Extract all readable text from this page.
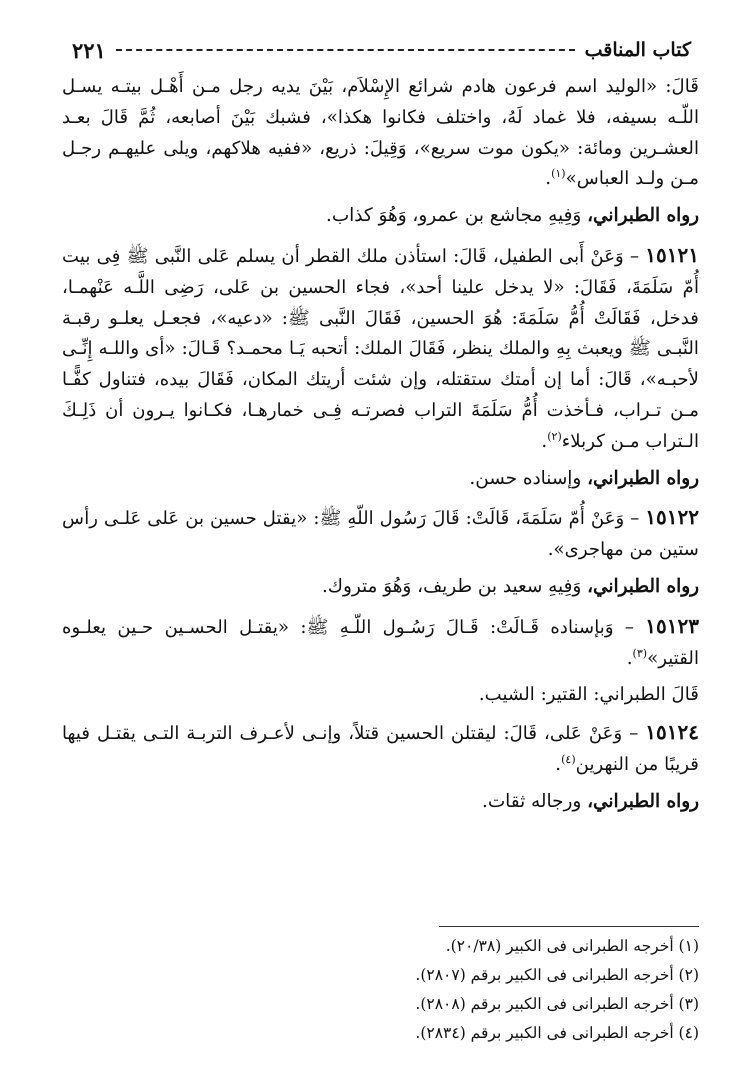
كتاب المناقب
٢٢١

قَالَ: «الوليد اسم فرعون هادم شرائع الإِسْلاَم، بَيْنَ يديه رجل مـن أَهْـل بيتـه يسـل اللّـه بسيفه، فلا غماد لَهُ، واختلف فكانوا هكذا»، فشبك بَيْنَ أصابعه، ثُمَّ قَالَ بعـد العشـرين ومائة: «يكون موت سريع»، وَقِيلَ: ذريع، «ففيه هلاكهم، ويلى عليهـم رجـل مـن ولـد العباس»$^{(١)}$.

رواه الطبراني، وَفِيهِ مجاشع بن عمرو، وَهُوَ كذاب.

١٥١٢١ – وَعَنْ أَبى الطفيل، قَالَ: استأذن ملك القطر أن يسلم عَلى النَّبى ﷺ فِى بيت أُمّ سَلَمَةَ، فَقَالَ: «لا يدخل علينا أحد»، فجاء الحسين بن عَلى، رَضِى اللَّـه عَنْهمـا، فدخل، فَقَالَتْ أُمُّ سَلَمَةَ: هُوَ الحسين، فَقَالَ النَّبى ﷺ: «دعيه»، فجعـل يعلـو رقبـة النَّبـى ﷺ ويعبث بِهِ والملك ينظر، فَقَالَ الملك: أتحبه يَـا محمـد؟ قَـالَ: «أى واللـه إِنِّـى لأحبـه»، قَالَ: أما إن أمتك ستقتله، وإن شئت أريتك المكان، فَقَالَ بيده، فتناول كفًّـا مـن تـراب، فـأخذت أُمُّ سَلَمَةَ التراب فصرتـه فِـى خمارهـا، فكـانوا يـرون أن ذَلِـكَ الـتراب مـن كربلاء$^{(٢)}$.

رواه الطبراني، وإسناده حسن.

١٥١٢٢ – وَعَنْ أُمّ سَلَمَةَ، قَالَتْ: قَالَ رَسُول اللّهِ ﷺ: «يقتل حسين بن عَلى عَلـى رأس ستين من مهاجرى».

رواه الطبراني، وَفِيهِ سعيد بن طريف، وَهُوَ متروك.

١٥١٢٣ – وَبإسناده قَـالَتْ: قَـالَ رَسُـول اللّـهِ ﷺ: «يقتـل الحسـين حـين يعلـوه القتير»$^{(٣)}$.

قَالَ الطبراني: القتير: الشيب.

١٥١٢٤ – وَعَنْ عَلى، قَالَ: ليقتلن الحسين قتلاً، وإنـى لأعـرف التربـة التـى يقتـل فيها قريبًا من النهرين$^{(٤)}$.

رواه الطبراني، ورجاله ثقات.

(١) أخرجه الطبرانى فى الكبير (٢٠/٣٨).

(٢) أخرجه الطبرانى فى الكبير برقم (٢٨٠٧).

(٣) أخرجه الطبرانى فى الكبير برقم (٢٨٠٨).

(٤) أخرجه الطبرانى فى الكبير برقم (٢٨٣٤).
